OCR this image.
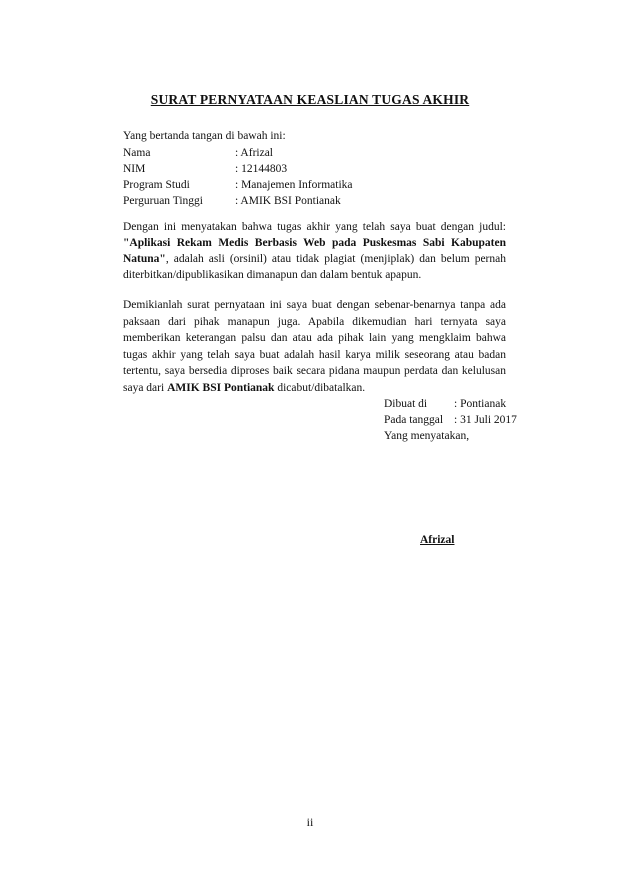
SURAT PERNYATAAN KEASLIAN TUGAS AKHIR
Yang bertanda tangan di bawah ini:
Nama	: Afrizal
NIM	: 12144803
Program Studi	: Manajemen Informatika
Perguruan Tinggi	: AMIK BSI Pontianak

Dengan ini menyatakan bahwa tugas akhir yang telah saya buat dengan judul: "Aplikasi Rekam Medis Berbasis Web pada Puskesmas Sabi Kabupaten Natuna", adalah asli (orsinil) atau tidak plagiat (menjiplak) dan belum pernah diterbitkan/dipublikasikan dimanapun dan dalam bentuk apapun.

Demikianlah surat pernyataan ini saya buat dengan sebenar-benarnya tanpa ada paksaan dari pihak manapun juga. Apabila dikemudian hari ternyata saya memberikan keterangan palsu dan atau ada pihak lain yang mengklaim bahwa tugas akhir yang telah saya buat adalah hasil karya milik seseorang atau badan tertentu, saya bersedia diproses baik secara pidana maupun perdata dan kelulusan saya dari AMIK BSI Pontianak dicabut/dibatalkan.

Dibuat di : Pontianak
Pada tanggal : 31 Juli 2017
Yang menyatakan,
Afrizal
ii
